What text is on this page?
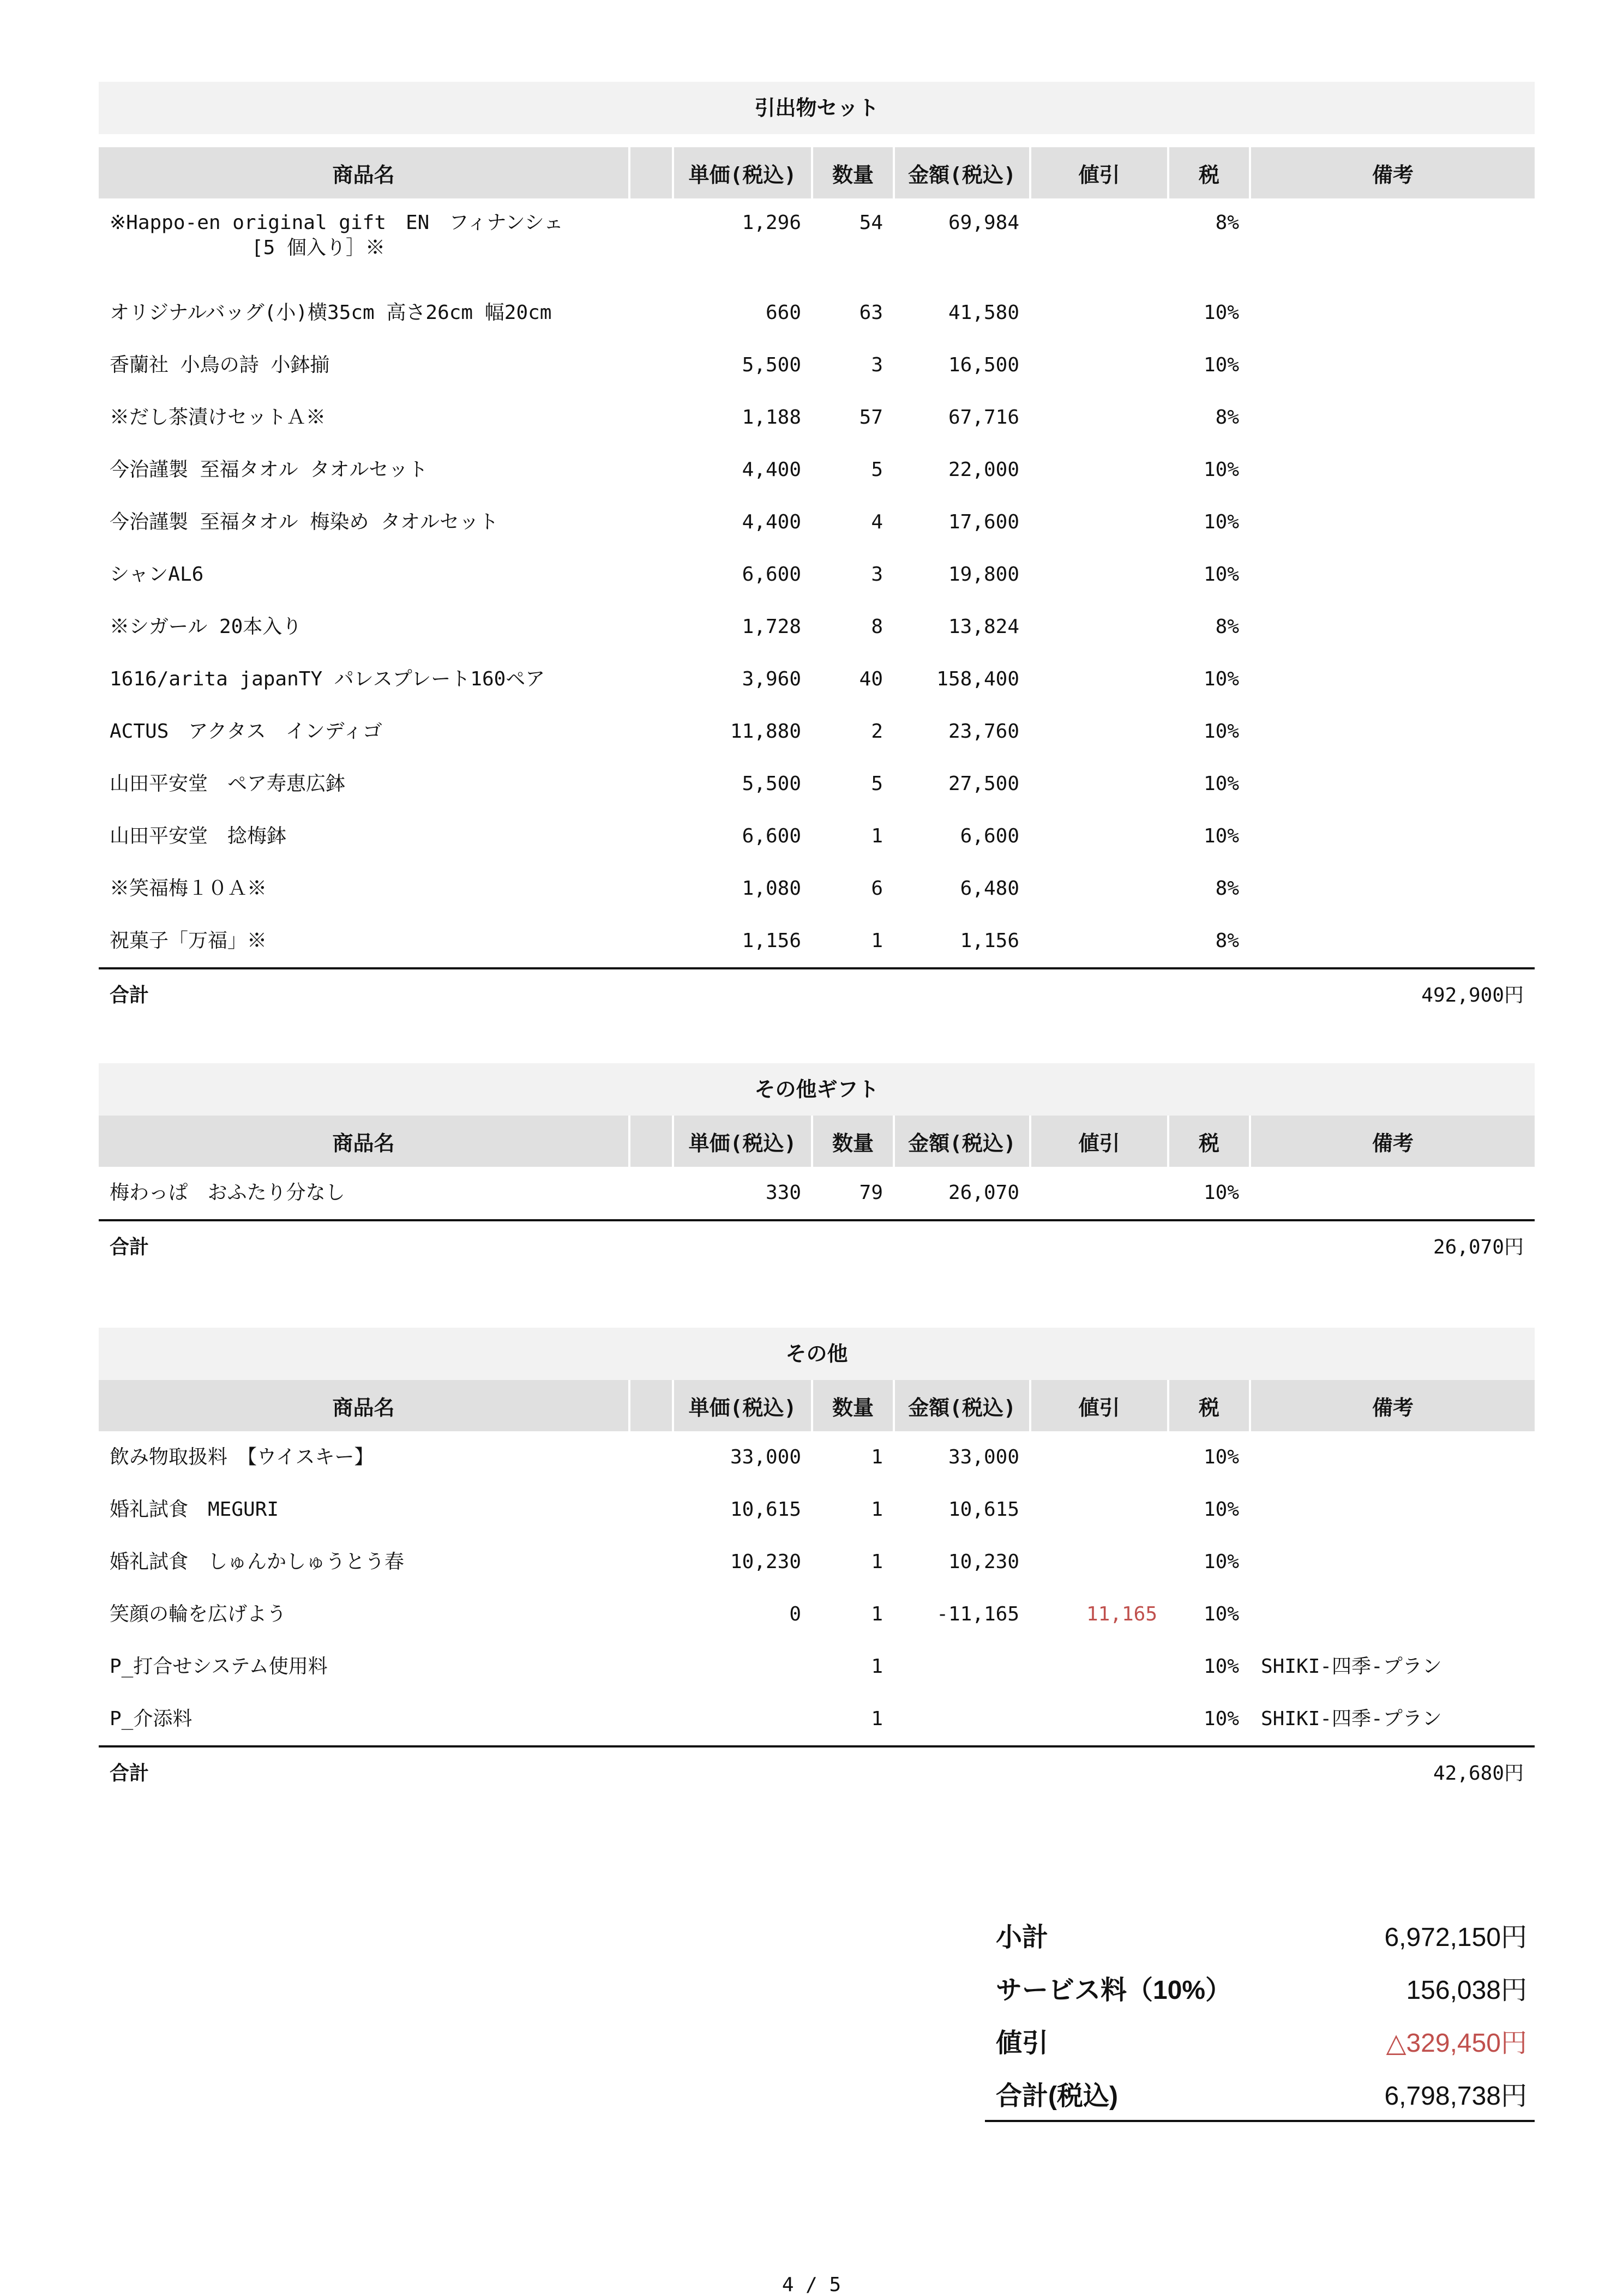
引出物セット
商品名		単価(税込)	数量	金額(税込)	値引	税	備考

※Happo-en original gift　EN　フィナンシェ
[5 個入り］※		1,296	54	69,984		8%	
オリジナルバッグ(小)横35cm 高さ26cm 幅20cm		660	63	41,580		10%	
香蘭社 小鳥の詩 小鉢揃		5,500	3	16,500		10%	
※だし茶漬けセットＡ※		1,188	57	67,716		8%	
今治謹製 至福タオル タオルセット		4,400	5	22,000		10%	
今治謹製 至福タオル 梅染め タオルセット		4,400	4	17,600		10%	
シャンAL6		6,600	3	19,800		10%	
※シガール 20本入り		1,728	8	13,824		8%	
1616/arita japanTY パレスプレート160ペア		3,960	40	158,400		10%	
ACTUS　アクタス　インディゴ		11,880	2	23,760		10%	
山田平安堂　ペア寿恵広鉢		5,500	5	27,500		10%	
山田平安堂　捻梅鉢		6,600	1	6,600		10%	
※笑福梅１０Ａ※		1,080	6	6,480		8%	
祝菓子「万福」※		1,156	1	1,156		8%	
合計	492,900円						
その他ギフト
商品名		単価(税込)	数量	金額(税込)	値引	税	備考
梅わっぱ　おふたり分なし		330	79	26,070		10%	
合計	26,070円						
その他
商品名		単価(税込)	数量	金額(税込)	値引	税	備考
飲み物取扱料　【ウイスキー】		33,000	1	33,000		10%	
婚礼試食　MEGURI		10,615	1	10,615		10%	
婚礼試食　しゅんかしゅうとう春		10,230	1	10,230		10%	
笑顔の輪を広げよう		0	1	-11,165	11,165	10%	
P_打合せシステム使用料			1			10%	SHIKI-四季-プラン
P_介添料			1			10%	SHIKI-四季-プラン
合計	42,680円						
小計	6,972,150円
サービス料（10%）	156,038円
値引	△329,450円
合計(税込)	6,798,738円
4 / 5
